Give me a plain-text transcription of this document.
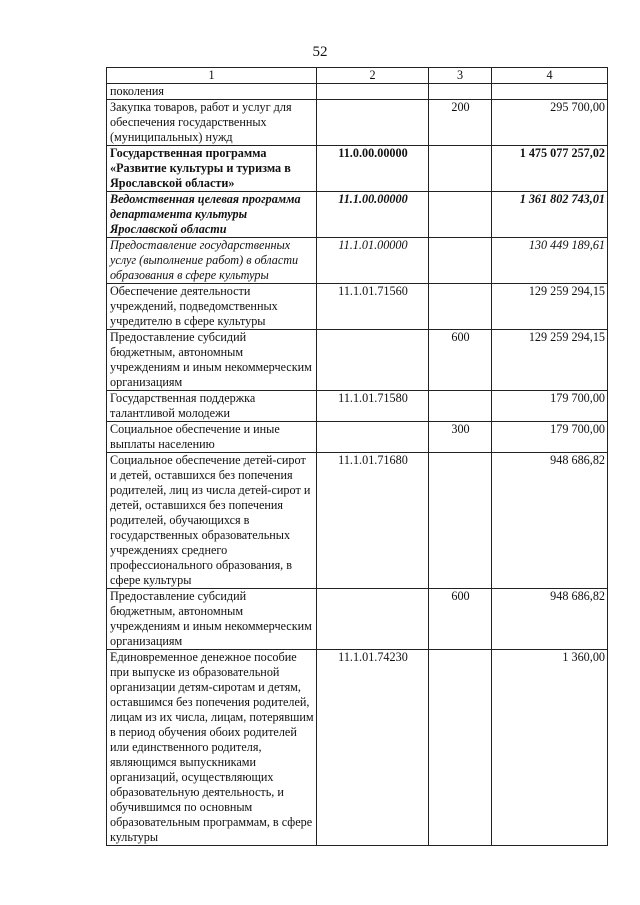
52
1	2	3	4
поколения			
Закупка товаров, работ и услуг для обеспечения государственных (муниципальных) нужд		200	295 700,00
Государственная программа «Развитие культуры и туризма в Ярославской области»	11.0.00.00000		1 475 077 257,02
Ведомственная целевая программа департамента культуры Ярославской области	11.1.00.00000		1 361 802 743,01
Предоставление государственных услуг (выполнение работ) в области образования в сфере культуры	11.1.01.00000		130 449 189,61
Обеспечение деятельности учреждений, подведомственных учредителю в сфере культуры	11.1.01.71560		129 259 294,15
Предоставление субсидий бюджетным, автономным учреждениям и иным некоммерческим организациям		600	129 259 294,15
Государственная поддержка талантливой молодежи	11.1.01.71580		179 700,00
Социальное обеспечение и иные выплаты населению		300	179 700,00
Социальное обеспечение детей-сирот и детей, оставшихся без попечения родителей, лиц из числа детей-сирот и детей, оставшихся без попечения родителей, обучающихся в государственных образовательных учреждениях среднего профессионального образования, в сфере культуры	11.1.01.71680		948 686,82
Предоставление субсидий бюджетным, автономным учреждениям и иным некоммерческим организациям		600	948 686,82
Единовременное денежное пособие при выпуске из образовательной организации детям-сиротам и детям, оставшимся без попечения родителей, лицам из их числа, лицам, потерявшим в период обучения обоих родителей или единственного родителя, являющимся выпускниками организаций, осуществляющих образовательную деятельность, и обучившимся по основным образовательным программам, в сфере культуры	11.1.01.74230		1 360,00
